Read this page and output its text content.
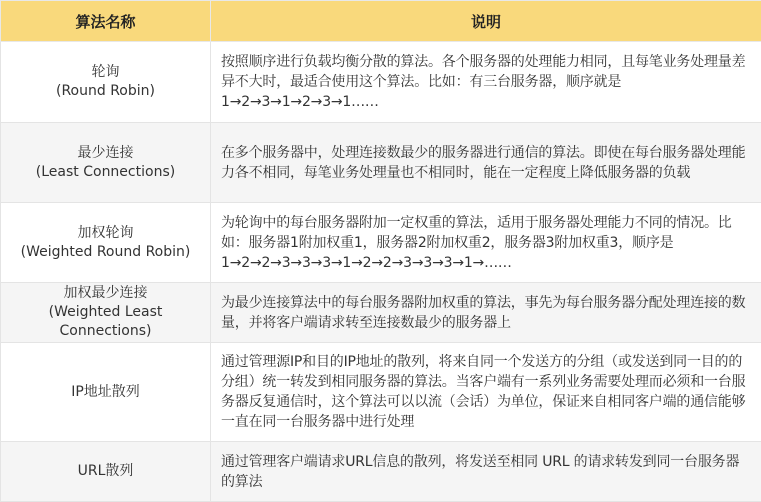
算法名称	说明

轮询
(Round Robin)	按照顺序进行负载均衡分散的算法。各个服务器的处理能力相同，且每笔业务处理量差异不大时，最适合使用这个算法。比如：有三台服务器，顺序就是1→2→3→1→2→3→1……

最少连接
(Least Connections)	在多个服务器中，处理连接数最少的服务器进行通信的算法。即使在每台服务器处理能力各不相同，每笔业务处理量也不相同时，能在一定程度上降低服务器的负载

加权轮询
(Weighted Round Robin)	为轮询中的每台服务器附加一定权重的算法，适用于服务器处理能力不同的情况。比如：服务器1附加权重1，服务器2附加权重2，服务器3附加权重3，顺序是1→2→2→3→3→3→1→2→2→3→3→3→1→……

加权最少连接
(Weighted Least Connections)	为最少连接算法中的每台服务器附加权重的算法，事先为每台服务器分配处理连接的数量，并将客户端请求转至连接数最少的服务器上

IP地址散列	通过管理源IP和目的IP地址的散列，将来自同一个发送方的分组（或发送到同一目的的分组）统一转发到相同服务器的算法。当客户端有一系列业务需要处理而必须和一台服务器反复通信时，这个算法可以以流（会话）为单位，保证来自相同客户端的通信能够一直在同一台服务器中进行处理

URL散列	通过管理客户端请求URL信息的散列，将发送至相同 URL 的请求转发到同一台服务器的算法
